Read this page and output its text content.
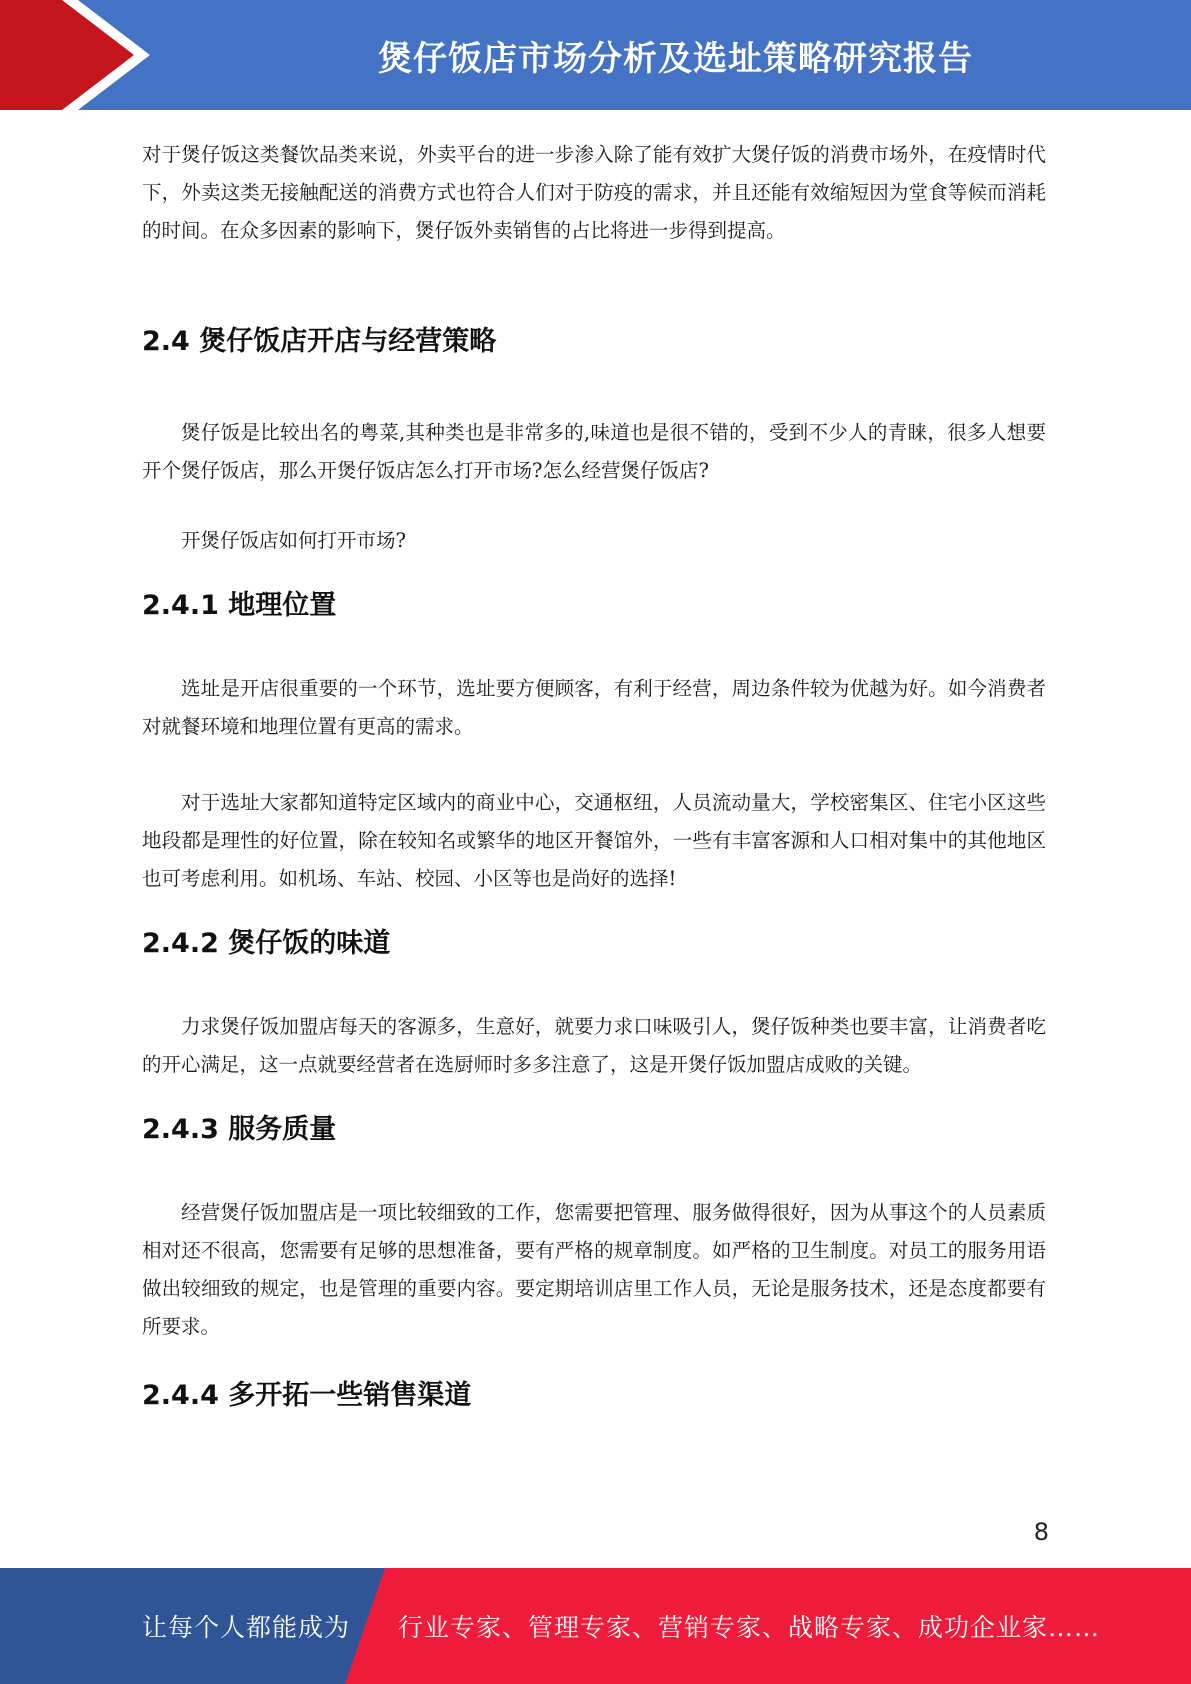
煲仔饭店市场分析及选址策略研究报告

对于煲仔饭这类餐饮品类来说，外卖平台的进一步渗入除了能有效扩大煲仔饭的消费市场外，在疫情时代下，外卖这类无接触配送的消费方式也符合人们对于防疫的需求，并且还能有效缩短因为堂食等候而消耗的时间。在众多因素的影响下，煲仔饭外卖销售的占比将进一步得到提高。

2.4 煲仔饭店开店与经营策略

煲仔饭是比较出名的粤菜,其种类也是非常多的,味道也是很不错的，受到不少人的青睐，很多人想要开个煲仔饭店，那么开煲仔饭店怎么打开市场?怎么经营煲仔饭店?

开煲仔饭店如何打开市场?

2.4.1 地理位置

选址是开店很重要的一个环节，选址要方便顾客，有利于经营，周边条件较为优越为好。如今消费者对就餐环境和地理位置有更高的需求。

对于选址大家都知道特定区域内的商业中心，交通枢纽，人员流动量大，学校密集区、住宅小区这些地段都是理性的好位置，除在较知名或繁华的地区开餐馆外，一些有丰富客源和人口相对集中的其他地区也可考虑利用。如机场、车站、校园、小区等也是尚好的选择!

2.4.2 煲仔饭的味道

力求煲仔饭加盟店每天的客源多，生意好，就要力求口味吸引人，煲仔饭种类也要丰富，让消费者吃的开心满足，这一点就要经营者在选厨师时多多注意了，这是开煲仔饭加盟店成败的关键。

2.4.3 服务质量

经营煲仔饭加盟店是一项比较细致的工作，您需要把管理、服务做得很好，因为从事这个的人员素质相对还不很高，您需要有足够的思想准备，要有严格的规章制度。如严格的卫生制度。对员工的服务用语做出较细致的规定，也是管理的重要内容。要定期培训店里工作人员，无论是服务技术，还是态度都要有所要求。

2.4.4 多开拓一些销售渠道
8
让每个人都能成为 行业专家、管理专家、营销专家、战略专家、成功企业家……
